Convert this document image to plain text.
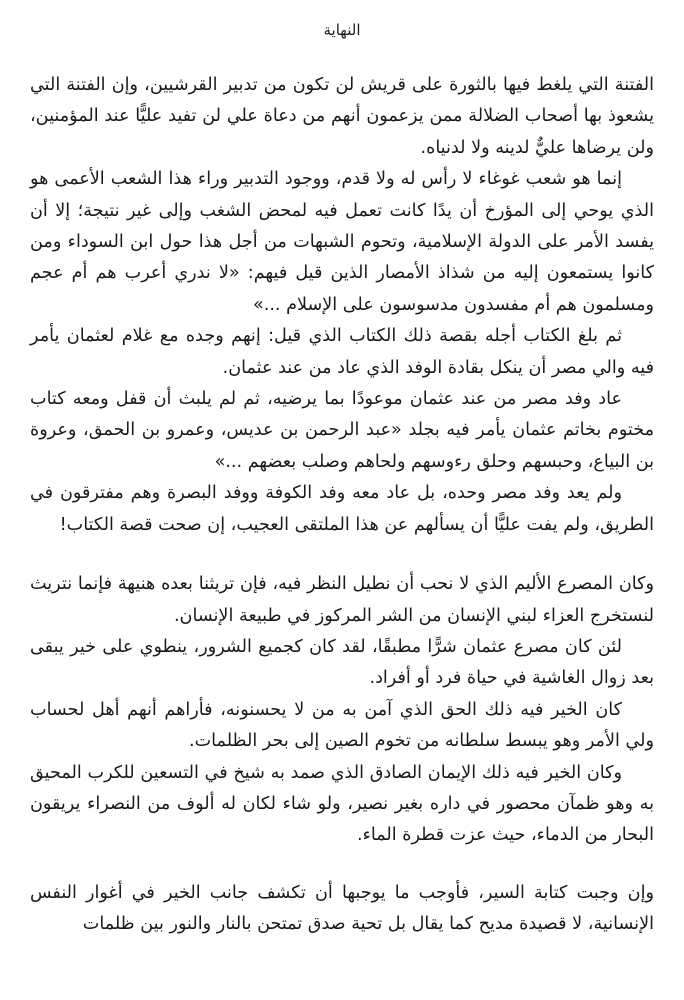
النهاية

الفتنة التي يلغط فيها بالثورة على قريش لن تكون من تدبير القرشيين، وإن الفتنة التي يشعوذ بها أصحاب الضلالة ممن يزعمون أنهم من دعاة علي لن تفيد عليًّا عند المؤمنين، ولن يرضاها عليٌّ لدينه ولا لدنياه.

إنما هو شعب غوغاء لا رأس له ولا قدم، ووجود التدبير وراء هذا الشعب الأعمى هو الذي يوحي إلى المؤرخ أن يدًا كانت تعمل فيه لمحض الشغب وإلى غير نتيجة؛ إلا أن يفسد الأمر على الدولة الإسلامية، وتحوم الشبهات من أجل هذا حول ابن السوداء ومن كانوا يستمعون إليه من شذاذ الأمصار الذين قيل فيهم: «لا ندري أعرب هم أم عجم ومسلمون هم أم مفسدون مدسوسون على الإسلام ...»

ثم بلغ الكتاب أجله بقصة ذلك الكتاب الذي قيل: إنهم وجده مع غلام لعثمان يأمر فيه والي مصر أن ينكل بقادة الوفد الذي عاد من عند عثمان.

عاد وفد مصر من عند عثمان موعودًا بما يرضيه، ثم لم يلبث أن قفل ومعه كتاب مختوم بخاتم عثمان يأمر فيه بجلد «عبد الرحمن بن عديس، وعمرو بن الحمق، وعروة بن البياع، وحبسهم وحلق رءوسهم ولحاهم وصلب بعضهم ...»

ولم يعد وفد مصر وحده، بل عاد معه وفد الكوفة ووفد البصرة وهم مفترقون في الطريق، ولم يفت عليًّا أن يسألهم عن هذا الملتقى العجيب، إن صحت قصة الكتاب!

وكان المصرع الأليم الذي لا نحب أن نطيل النظر فيه، فإن تريثنا بعده هنيهة فإنما نتريث لنستخرج العزاء لبني الإنسان من الشر المركوز في طبيعة الإنسان.

لئن كان مصرع عثمان شرًّا مطبقًا، لقد كان كجميع الشرور، ينطوي على خير يبقى بعد زوال الغاشية في حياة فرد أو أفراد.

كان الخير فيه ذلك الحق الذي آمن به من لا يحسنونه، فأراهم أنهم أهل لحساب ولي الأمر وهو يبسط سلطانه من تخوم الصين إلى بحر الظلمات.

وكان الخير فيه ذلك الإيمان الصادق الذي صمد به شيخ في التسعين للكرب المحيق به وهو ظمآن محصور في داره بغير نصير، ولو شاء لكان له ألوف من النصراء يريقون البحار من الدماء، حيث عزت قطرة الماء.

وإن وجبت كتابة السير، فأوجب ما يوجبها أن تكشف جانب الخير في أغوار النفس الإنسانية، لا قصيدة مديح كما يقال بل تحية صدق تمتحن بالنار والنور بين ظلمات
